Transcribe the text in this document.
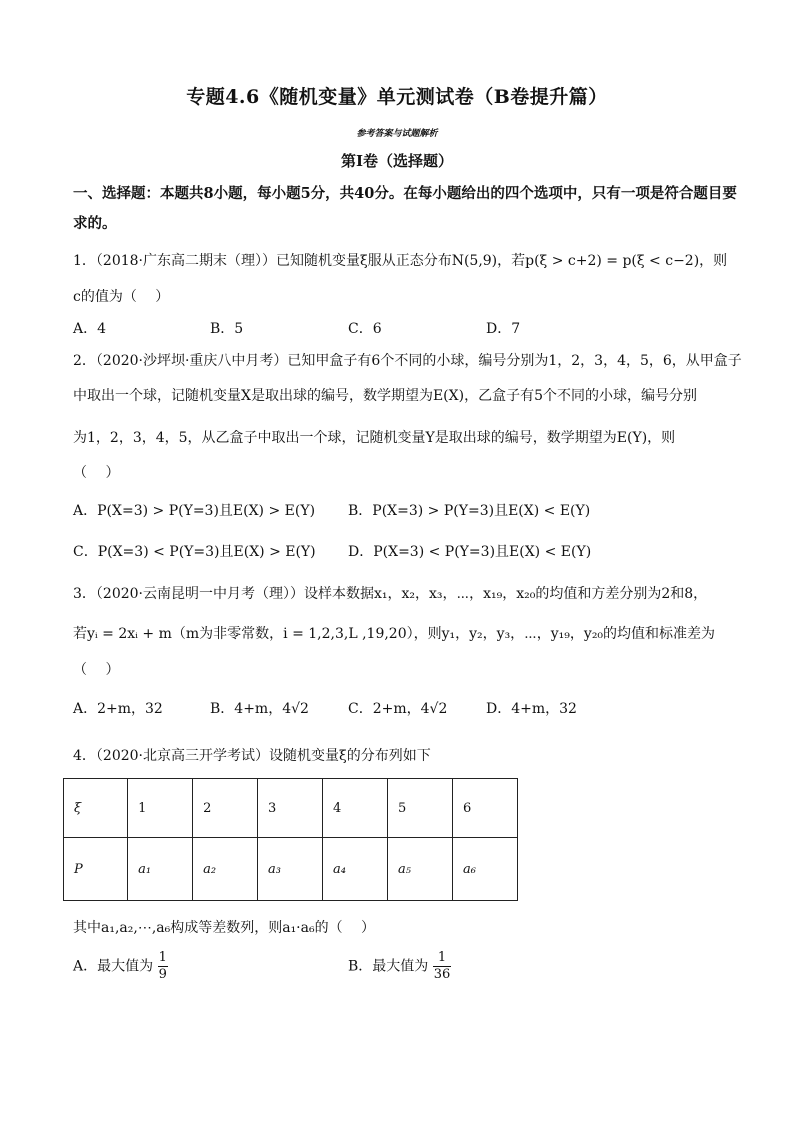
专题4.6《随机变量》单元测试卷（B卷提升篇）
参考答案与试题解析
第I卷（选择题）
一、选择题：本题共8小题，每小题5分，共40分。在每小题给出的四个选项中，只有一项是符合题目要
求的。
1．（2018·广东高二期末（理））已知随机变量ξ服从正态分布N(5,9)，若p(ξ > c+2) = p(ξ < c−2)，则
c的值为（　 ）
A．4	B．5	C．6	D．7
2．（2020·沙坪坝·重庆八中月考）已知甲盒子有6个不同的小球，编号分别为1，2，3，4，5，6，从甲盒子
中取出一个球，记随机变量X是取出球的编号，数学期望为E(X)，乙盒子有5个不同的小球，编号分别
为1，2，3，4，5，从乙盒子中取出一个球，记随机变量Y是取出球的编号，数学期望为E(Y)，则
（　 ）
A．P(X=3) > P(Y=3)且E(X) > E(Y) B．P(X=3) > P(Y=3)且E(X) < E(Y)
C．P(X=3) < P(Y=3)且E(X) > E(Y) D．P(X=3) < P(Y=3)且E(X) < E(Y)
3．（2020·云南昆明一中月考（理））设样本数据x₁，x₂，x₃，⋯，x₁₉，x₂₀的均值和方差分别为2和8，
若yᵢ = 2xᵢ + m（m为非零常数，i = 1,2,3,L ,19,20），则y₁，y₂，y₃，⋯，y₁₉，y₂₀的均值和标准差为
（　 ）
A．2+m，32	B．4+m，4√2	C．2+m，4√2	D．4+m，32
4．（2020·北京高三开学考试）设随机变量ξ的分布列如下
ξ	1	2	3	4	5	6
P	a₁	a₂	a₃	a₄	a₅	a₆
其中a₁,a₂,⋯,a₆构成等差数列，则a₁·a₆的（　 ）
A．最大值为 $\frac{1}{9}$	B．最大值为 $\frac{1}{36}$
